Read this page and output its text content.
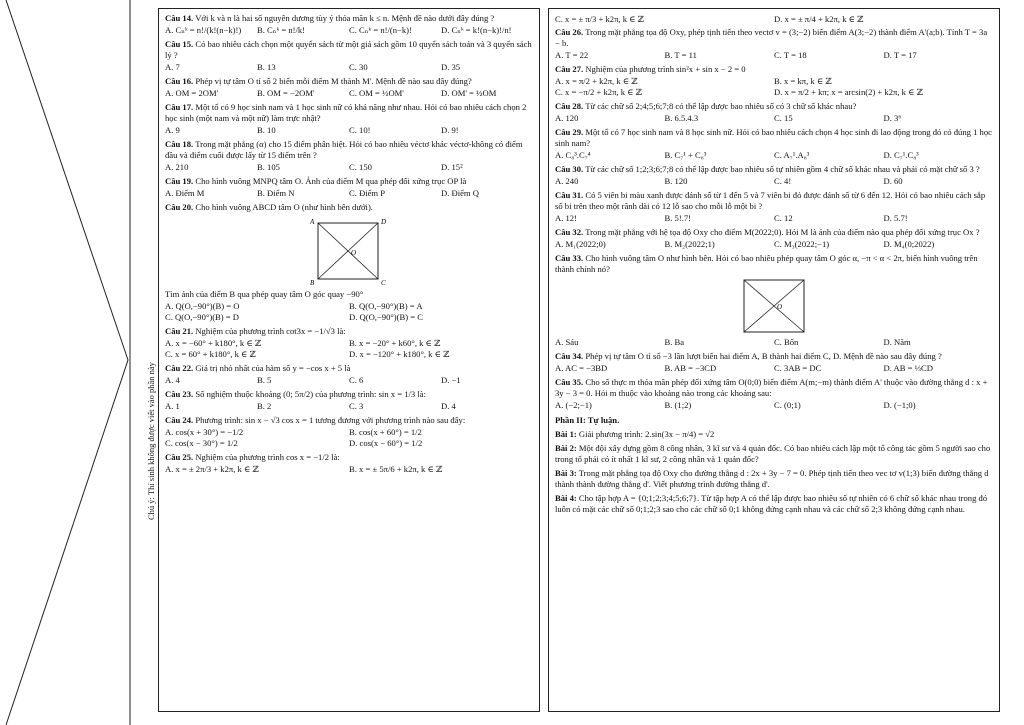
Chú ý: Thí sinh không được viết vào phần này
Câu 14. Với k và n là hai số nguyên dương tùy ý thỏa mãn k ≤ n. Mệnh đề nào dưới đây đúng ?
A. Cₙᵏ = n!/(k!(n−k)!)	B. Cₙᵏ = n!/k!	C. Cₙᵏ = n!/(n−k)!	D. Cₙᵏ = k!(n−k)!/n!
Câu 15. Có bao nhiêu cách chọn một quyển sách từ một giá sách gồm 10 quyển sách toán và 3 quyển sách lý ?
A. 7	B. 13	C. 30	D. 35
Câu 16. Phép vị tự tâm O tỉ số 2 biến mỗi điểm M thành M'. Mệnh đề nào sau đây đúng?
A. OM = 2OM'	B. OM = −2OM'	C. OM = ½OM'	D. OM' = ½OM
Câu 17. Một tổ có 9 học sinh nam và 1 học sinh nữ có khả năng như nhau. Hỏi có bao nhiêu cách chọn 2 học sinh (một nam và một nữ) làm trực nhật?
A. 9	B. 10	C. 10!	D. 9!
Câu 18. Trong mặt phẳng (α) cho 15 điểm phân biệt. Hỏi có bao nhiêu véctơ khác véctơ-không có điểm đầu và điểm cuối được lấy từ 15 điểm trên ?
A. 210	B. 105	C. 150	D. 15²
Câu 19. Cho hình vuông MNPQ tâm O. Ảnh của điểm M qua phép đối xứng trục OP là
A. Điểm M	B. Điểm N	C. Điểm P	D. Điểm Q
Câu 20. Cho hình vuông ABCD tâm O (như hình bên dưới).
A	D
B	C
O
Tìm ảnh của điểm B qua phép quay tâm O góc quay −90°
A. Q(O,−90°)(B) = O	B. Q(O,−90°)(B) = A
C. Q(O,−90°)(B) = D	D. Q(O,−90°)(B) = C
Câu 21. Nghiệm của phương trình cot3x = −1/√3 là:
A. x = −60° + k180°, k ∈ ℤ	B. x = −20° + k60°, k ∈ ℤ
C. x = 60° + k180°, k ∈ ℤ	D. x = −120° + k180°, k ∈ ℤ
Câu 22. Giá trị nhỏ nhất của hàm số y = −cos x + 5 là
A. 4	B. 5	C. 6	D. −1
Câu 23. Số nghiệm thuộc khoảng (0; 5π/2) của phương trình: sin x = 1/3 là:
A. 1	B. 2	C. 3	D. 4
Câu 24. Phương trình: sin x − √3 cos x = 1 tương đương với phương trình nào sau đây:
A. cos(x + 30°) = −1/2	B. cos(x + 60°) = 1/2
C. cos(x − 30°) = 1/2	D. cos(x − 60°) = 1/2
Câu 25. Nghiệm của phương trình cos x = −1/2 là:
A. x = ± 2π/3 + k2π, k ∈ ℤ	B. x = ± 5π/6 + k2π, k ∈ ℤ
C. x = ± π/3 + k2π, k ∈ ℤ	D. x = ± π/4 + k2π, k ∈ ℤ
Câu 26. Trong mặt phẳng tọa độ Oxy, phép tịnh tiến theo vectơ v = (3;−2) biến điểm A(3;−2) thành điểm A'(a;b). Tính T = 3a − b.
A. T = 22	B. T = 11	C. T = 18	D. T = 17
Câu 27. Nghiệm của phương trình sin²x + sin x − 2 = 0
A. x = π/2 + k2π, k ∈ ℤ	B. x = kπ, k ∈ ℤ
C. x = −π/2 + k2π, k ∈ ℤ	D. x = π/2 + kπ; x = arcsin(2) + k2π, k ∈ ℤ
Câu 28. Từ các chữ số 2;4;5;6;7;8 có thể lập được bao nhiêu số có 3 chữ số khác nhau?
A. 120	B. 6.5.4.3	C. 15	D. 3⁶
Câu 29. Một tổ có 7 học sinh nam và 8 học sinh nữ. Hỏi có bao nhiêu cách chọn 4 học sinh đi lao động trong đó có đúng 1 học sinh nam?
A. C₈³.C₇⁴	B. C₇¹ + C₈³	C. A₇¹.A₈³	D. C₇¹.C₈³
Câu 30. Từ các chữ số 1;2;3;6;7;8 có thể lập được bao nhiêu số tự nhiên gồm 4 chữ số khác nhau và phải có mặt chữ số 3 ?
A. 240	B. 120	C. 4!	D. 60
Câu 31. Có 5 viên bi màu xanh được đánh số từ 1 đến 5 và 7 viên bi đỏ được đánh số từ 6 đến 12. Hỏi có bao nhiêu cách sắp số bi trên theo một rãnh dài có 12 lỗ sao cho mỗi lỗ một bi ?
A. 12!	B. 5!.7!	C. 12	D. 5.7!
Câu 32. Trong mặt phẳng với hệ tọa độ Oxy cho điểm M(2022;0). Hỏi M là ảnh của điểm nào qua phép đối xứng trục Ox ?
A. M₁(2022;0)	B. M₂(2022;1)	C. M₃(2022;−1)	D. M₄(0;2022)
Câu 33. Cho hình vuông tâm O như hình bên. Hỏi có bao nhiêu phép quay tâm O góc α, −π < α < 2π, biến hình vuông trên thành chính nó?
O
A. Sáu	B. Ba	C. Bốn	D. Năm
Câu 34. Phép vị tự tâm O tỉ số −3 lần lượt biến hai điểm A, B thành hai điểm C, D. Mệnh đề nào sau đây đúng ?
A. AC = −3BD	B. AB = −3CD	C. 3AB = DC	D. AB = ⅓CD
Câu 35. Cho số thực m thỏa mãn phép đối xứng tâm O(0;0) biến điểm A(m;−m) thành điểm A' thuộc vào đường thẳng d : x + 3y − 3 = 0. Hỏi m thuộc vào khoảng nào trong các khoảng sau:
A. (−2;−1)	B. (1;2)	C. (0;1)	D. (−1;0)
Phần II: Tự luận.
Bài 1: Giải phương trình: 2.sin(3x − π/4) = √2
Bài 2: Một đội xây dựng gồm 8 công nhân, 3 kĩ sư và 4 quản đốc. Có bao nhiêu cách lập một tổ công tác gồm 5 người sao cho trong tổ phải có ít nhất 1 kĩ sư, 2 công nhân và 1 quản đốc?
Bài 3: Trong mặt phẳng tọa độ Oxy cho đường thẳng d : 2x + 3y − 7 = 0. Phép tịnh tiến theo vec tơ v(1;3) biến đường thẳng d thành thành đường thẳng d'. Viết phương trình đường thẳng d'.
Bài 4: Cho tập hợp A = {0;1;2;3;4;5;6;7}. Từ tập hợp A có thể lập được bao nhiêu số tự nhiên có 6 chữ số khác nhau trong đó luôn có mặt các chữ số 0;1;2;3 sao cho các chữ số 0;1 không đứng cạnh nhau và các chữ số 2;3 không đứng cạnh nhau.
